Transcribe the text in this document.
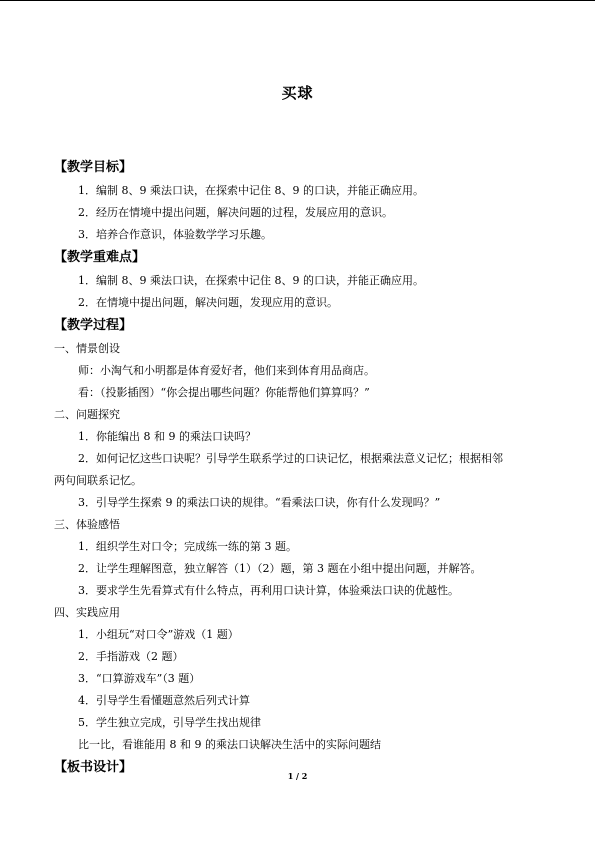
买球
【教学目标】
1．编制 8、9 乘法口诀，在探索中记住 8、9 的口诀，并能正确应用。
2．经历在情境中提出问题，解决问题的过程，发展应用的意识。
3．培养合作意识，体验数学学习乐趣。
【教学重难点】
1．编制 8、9 乘法口诀，在探索中记住 8、9 的口诀，并能正确应用。
2．在情境中提出问题，解决问题，发现应用的意识。
【教学过程】
一、情景创设
师：小淘气和小明都是体育爱好者，他们来到体育用品商店。
看：（投影插图）“你会提出哪些问题？你能帮他们算算吗？”
二、问题探究
1．你能编出 8 和 9 的乘法口诀吗？
2．如何记忆这些口诀呢？引导学生联系学过的口诀记忆，根据乘法意义记忆；根据相邻
两句间联系记忆。
3．引导学生探索 9 的乘法口诀的规律。“看乘法口诀，你有什么发现吗？”
三、体验感悟
1．组织学生对口令；完成练一练的第 3 题。
2．让学生理解图意，独立解答（1）（2）题，第 3 题在小组中提出问题，并解答。
3．要求学生先看算式有什么特点，再利用口诀计算，体验乘法口诀的优越性。
四、实践应用
1．小组玩“对口令”游戏（1 题）
2．手指游戏（2 题）
3．“口算游戏车”（3 题）
4．引导学生看懂题意然后列式计算
5．学生独立完成，引导学生找出规律
比一比，看谁能用 8 和 9 的乘法口诀解决生活中的实际问题结
【板书设计】
1 / 2
